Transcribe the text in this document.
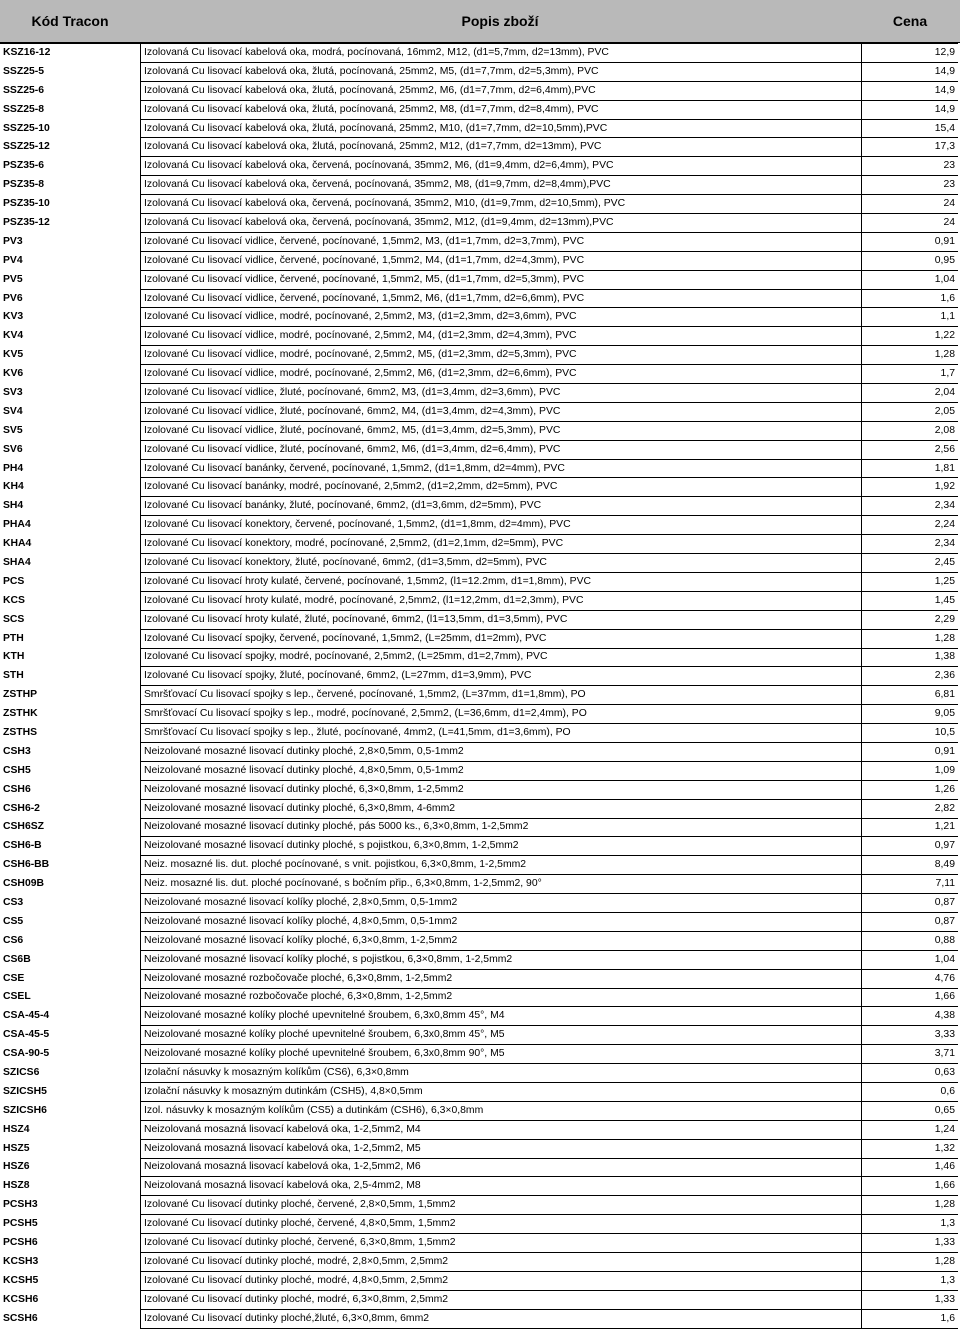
Kód Tracon	Popis zboží	Cena
KSZ16-12	Izolovaná Cu lisovací kabelová oka, modrá, pocínovaná, 16mm2, M12, (d1=5,7mm, d2=13mm), PVC	12,9
SSZ25-5	Izolovaná Cu lisovací kabelová oka, žlutá, pocínovaná, 25mm2, M5, (d1=7,7mm, d2=5,3mm), PVC	14,9
SSZ25-6	Izolovaná Cu lisovací kabelová oka, žlutá, pocínovaná, 25mm2, M6, (d1=7,7mm, d2=6,4mm),PVC	14,9
SSZ25-8	Izolovaná Cu lisovací kabelová oka, žlutá, pocínovaná, 25mm2, M8, (d1=7,7mm, d2=8,4mm), PVC	14,9
SSZ25-10	Izolovaná Cu lisovací kabelová oka, žlutá, pocínovaná, 25mm2, M10, (d1=7,7mm, d2=10,5mm),PVC	15,4
SSZ25-12	Izolovaná Cu lisovací kabelová oka, žlutá, pocínovaná, 25mm2, M12, (d1=7,7mm, d2=13mm), PVC	17,3
PSZ35-6	Izolovaná Cu lisovací kabelová oka, červená, pocínovaná, 35mm2, M6, (d1=9,4mm, d2=6,4mm), PVC	23
PSZ35-8	Izolovaná Cu lisovací kabelová oka, červená, pocínovaná, 35mm2, M8, (d1=9,7mm, d2=8,4mm),PVC	23
PSZ35-10	Izolovaná Cu lisovací kabelová oka, červená, pocínovaná, 35mm2, M10, (d1=9,7mm, d2=10,5mm), PVC	24
PSZ35-12	Izolovaná Cu lisovací kabelová oka, červená, pocínovaná, 35mm2, M12, (d1=9,4mm, d2=13mm),PVC	24
PV3	Izolované Cu lisovací vidlice, červené, pocínované, 1,5mm2, M3, (d1=1,7mm, d2=3,7mm), PVC	0,91
PV4	Izolované Cu lisovací vidlice, červené, pocínované, 1,5mm2, M4, (d1=1,7mm, d2=4,3mm), PVC	0,95
PV5	Izolované Cu lisovací vidlice, červené, pocínované, 1,5mm2, M5, (d1=1,7mm, d2=5,3mm), PVC	1,04
PV6	Izolované Cu lisovací vidlice, červené, pocínované, 1,5mm2, M6, (d1=1,7mm, d2=6,6mm), PVC	1,6
KV3	Izolované Cu lisovací vidlice, modré, pocínované, 2,5mm2, M3, (d1=2,3mm, d2=3,6mm), PVC	1,1
KV4	Izolované Cu lisovací vidlice, modré, pocínované, 2,5mm2, M4, (d1=2,3mm, d2=4,3mm), PVC	1,22
KV5	Izolované Cu lisovací vidlice, modré, pocínované, 2,5mm2, M5, (d1=2,3mm, d2=5,3mm), PVC	1,28
KV6	Izolované Cu lisovací vidlice, modré, pocínované, 2,5mm2, M6, (d1=2,3mm, d2=6,6mm), PVC	1,7
SV3	Izolované Cu lisovací vidlice, žluté, pocínované, 6mm2, M3, (d1=3,4mm, d2=3,6mm), PVC	2,04
SV4	Izolované Cu lisovací vidlice, žluté, pocínované, 6mm2, M4, (d1=3,4mm, d2=4,3mm), PVC	2,05
SV5	Izolované Cu lisovací vidlice, žluté, pocínované, 6mm2, M5, (d1=3,4mm, d2=5,3mm), PVC	2,08
SV6	Izolované Cu lisovací vidlice, žluté, pocínované, 6mm2, M6, (d1=3,4mm, d2=6,4mm), PVC	2,56
PH4	Izolované Cu lisovací banánky, červené, pocínované, 1,5mm2, (d1=1,8mm, d2=4mm), PVC	1,81
KH4	Izolované Cu lisovací banánky, modré, pocínované, 2,5mm2, (d1=2,2mm, d2=5mm), PVC	1,92
SH4	Izolované Cu lisovací banánky, žluté, pocínované, 6mm2, (d1=3,6mm, d2=5mm), PVC	2,34
PHA4	Izolované Cu lisovací konektory, červené, pocínované, 1,5mm2, (d1=1,8mm, d2=4mm), PVC	2,24
KHA4	Izolované Cu lisovací konektory, modré, pocínované, 2,5mm2, (d1=2,1mm, d2=5mm), PVC	2,34
SHA4	Izolované Cu lisovací konektory, žluté, pocínované, 6mm2, (d1=3,5mm, d2=5mm), PVC	2,45
PCS	Izolované Cu lisovací hroty kulaté, červené, pocínované, 1,5mm2, (l1=12.2mm, d1=1,8mm), PVC	1,25
KCS	Izolované Cu lisovací hroty kulaté, modré, pocínované, 2,5mm2, (l1=12,2mm, d1=2,3mm), PVC	1,45
SCS	Izolované Cu lisovací hroty kulaté, žluté, pocínované, 6mm2, (l1=13,5mm, d1=3,5mm), PVC	2,29
PTH	Izolované Cu lisovací spojky, červené, pocínované, 1,5mm2, (L=25mm, d1=2mm), PVC	1,28
KTH	Izolované Cu lisovací spojky, modré, pocínované, 2,5mm2, (L=25mm, d1=2,7mm), PVC	1,38
STH	Izolované Cu lisovací spojky, žluté, pocínované, 6mm2, (L=27mm, d1=3,9mm), PVC	2,36
ZSTHP	Smršťovací Cu lisovací spojky s lep., červené, pocínované, 1,5mm2, (L=37mm, d1=1,8mm), PO	6,81
ZSTHK	Smršťovací Cu lisovací spojky s lep., modré, pocínované, 2,5mm2, (L=36,6mm, d1=2,4mm), PO	9,05
ZSTHS	Smršťovací Cu lisovací spojky s lep., žluté, pocínované, 4mm2, (L=41,5mm, d1=3,6mm), PO	10,5
CSH3	Neizolované mosazné lisovací dutinky ploché, 2,8×0,5mm, 0,5-1mm2	0,91
CSH5	Neizolované mosazné lisovací dutinky ploché, 4,8×0,5mm, 0,5-1mm2	1,09
CSH6	Neizolované mosazné lisovací dutinky ploché, 6,3×0,8mm, 1-2,5mm2	1,26
CSH6-2	Neizolované mosazné lisovací dutinky ploché, 6,3×0,8mm, 4-6mm2	2,82
CSH6SZ	Neizolované mosazné lisovací dutinky ploché, pás 5000 ks., 6,3×0,8mm, 1-2,5mm2	1,21
CSH6-B	Neizolované mosazné lisovací dutinky ploché, s pojistkou, 6,3×0,8mm, 1-2,5mm2	0,97
CSH6-BB	Neiz. mosazné lis. dut. ploché pocínované, s vnit. pojistkou, 6,3×0,8mm, 1-2,5mm2	8,49
CSH09B	Neiz. mosazné lis. dut. ploché pocínované, s bočním přip., 6,3×0,8mm, 1-2,5mm2, 90°	7,11
CS3	Neizolované mosazné lisovací kolíky ploché, 2,8×0,5mm, 0,5-1mm2	0,87
CS5	Neizolované mosazné lisovací kolíky ploché, 4,8×0,5mm, 0,5-1mm2	0,87
CS6	Neizolované mosazné lisovací kolíky ploché, 6,3×0,8mm, 1-2,5mm2	0,88
CS6B	Neizolované mosazné lisovací kolíky ploché, s pojistkou, 6,3×0,8mm, 1-2,5mm2	1,04
CSE	Neizolované mosazné rozbočovače ploché, 6,3×0,8mm, 1-2,5mm2	4,76
CSEL	Neizolované mosazné rozbočovače ploché, 6,3×0,8mm, 1-2,5mm2	1,66
CSA-45-4	Neizolované mosazné kolíky ploché upevnitelné šroubem, 6,3x0,8mm 45°, M4	4,38
CSA-45-5	Neizolované mosazné kolíky ploché upevnitelné šroubem, 6,3x0,8mm 45°, M5	3,33
CSA-90-5	Neizolované mosazné kolíky ploché upevnitelné šroubem, 6,3x0,8mm 90°, M5	3,71
SZICS6	Izolační násuvky k mosazným kolíkům (CS6), 6,3×0,8mm	0,63
SZICSH5	Izolační násuvky k mosazným dutinkám (CSH5), 4,8×0,5mm	0,6
SZICSH6	Izol. násuvky k mosazným kolíkům (CS5) a dutinkám (CSH6), 6,3×0,8mm	0,65
HSZ4	Neizolovaná mosazná lisovací kabelová oka, 1-2,5mm2, M4	1,24
HSZ5	Neizolovaná mosazná lisovací kabelová oka, 1-2,5mm2, M5	1,32
HSZ6	Neizolovaná mosazná lisovací kabelová oka, 1-2,5mm2, M6	1,46
HSZ8	Neizolovaná mosazná lisovací kabelová oka, 2,5-4mm2, M8	1,66
PCSH3	Izolované Cu lisovací dutinky ploché, červené, 2,8×0,5mm, 1,5mm2	1,28
PCSH5	Izolované Cu lisovací dutinky ploché, červené, 4,8×0,5mm, 1,5mm2	1,3
PCSH6	Izolované Cu lisovací dutinky ploché, červené, 6,3×0,8mm, 1,5mm2	1,33
KCSH3	Izolované Cu lisovací dutinky ploché, modré, 2,8×0,5mm, 2,5mm2	1,28
KCSH5	Izolované Cu lisovací dutinky ploché, modré, 4,8×0,5mm, 2,5mm2	1,3
KCSH6	Izolované Cu lisovací dutinky ploché, modré, 6,3×0,8mm, 2,5mm2	1,33
SCSH6	Izolované Cu lisovací dutinky ploché,žluté, 6,3×0,8mm, 6mm2	1,6
